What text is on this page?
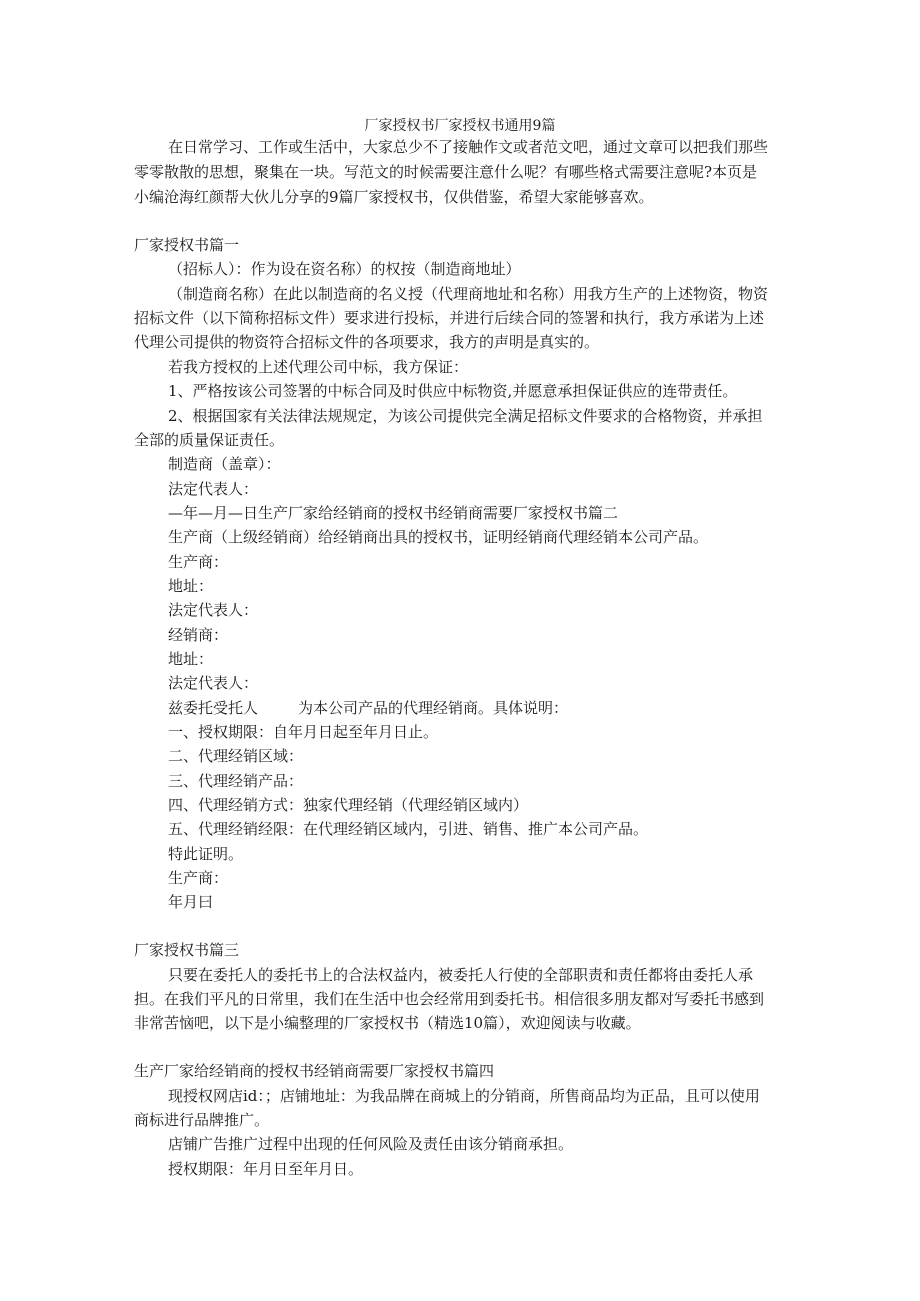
厂家授权书厂家授权书通用9篇
在日常学习、工作或生活中，大家总少不了接触作文或者范文吧，通过文章可以把我们那些
零零散散的思想，聚集在一块。写范文的时候需要注意什么呢？有哪些格式需要注意呢?本页是
小编沧海红颜帮大伙儿分享的9篇厂家授权书，仅供借鉴，希望大家能够喜欢。
厂家授权书篇一
（招标人）：作为设在资名称）的权按（制造商地址）
（制造商名称）在此以制造商的名义授（代理商地址和名称）用我方生产的上述物资，物资
招标文件（以下简称招标文件）要求进行投标，并进行后续合同的签署和执行，我方承诺为上述
代理公司提供的物资符合招标文件的各项要求，我方的声明是真实的。
若我方授权的上述代理公司中标，我方保证：
1、严格按该公司签署的中标合同及时供应中标物资,并愿意承担保证供应的连带责任。
2、根据国家有关法律法规规定，为该公司提供完全满足招标文件要求的合格物资，并承担
全部的质量保证责任。
制造商（盖章）：
法定代表人：
—年—月—日生产厂家给经销商的授权书经销商需要厂家授权书篇二
生产商（上级经销商）给经销商出具的授权书，证明经销商代理经销本公司产品。
生产商：
地址：
法定代表人：
经销商：
地址：
法定代表人：
兹委托受托人	为本公司产品的代理经销商。具体说明：
一、授权期限：自年月日起至年月日止。
二、代理经销区域：
三、代理经销产品：
四、代理经销方式：独家代理经销（代理经销区域内）
五、代理经销经限：在代理经销区域内，引进、销售、推广本公司产品。
特此证明。
生产商：
年月曰
厂家授权书篇三
只要在委托人的委托书上的合法权益内，被委托人行使的全部职责和责任都将由委托人承
担。在我们平凡的日常里，我们在生活中也会经常用到委托书。相信很多朋友都对写委托书感到
非常苦恼吧，以下是小编整理的厂家授权书（精选10篇），欢迎阅读与收藏。
生产厂家给经销商的授权书经销商需要厂家授权书篇四
现授权网店id：；店铺地址：为我品牌在商城上的分销商，所售商品均为正品，且可以使用
商标进行品牌推广。
店铺广告推广过程中出现的任何风险及责任由该分销商承担。
授权期限：年月日至年月日。
